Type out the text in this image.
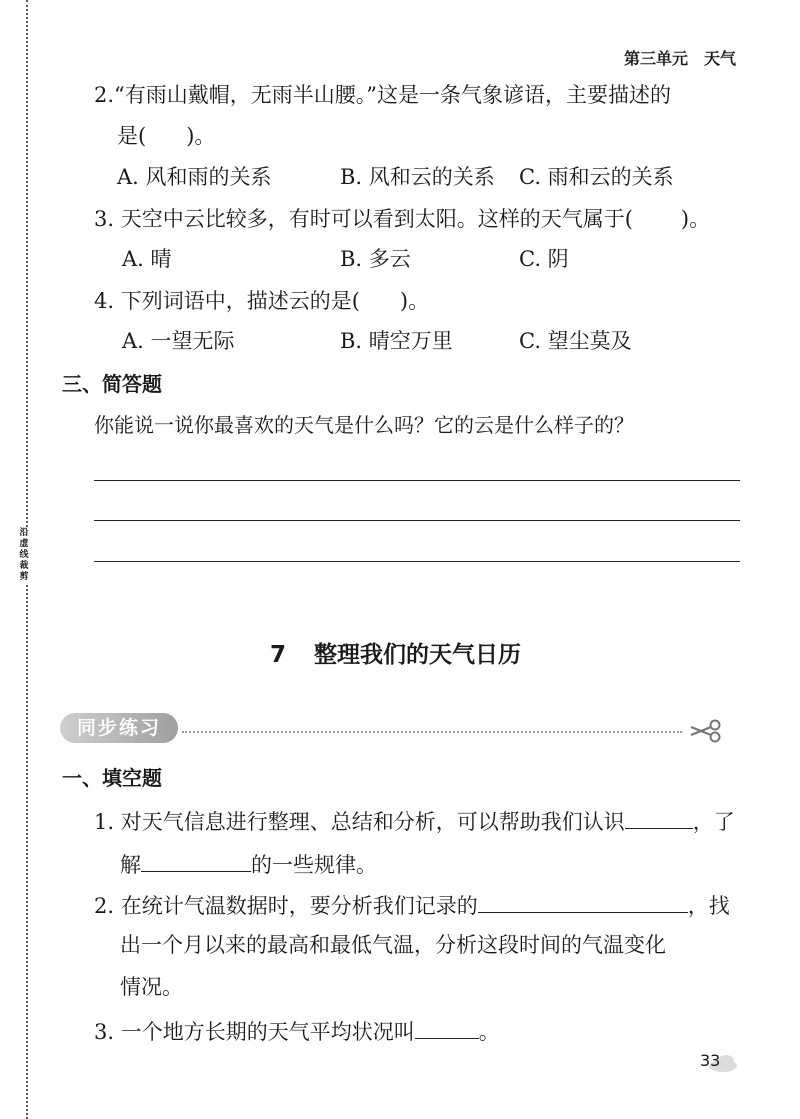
沿虚线裁剪
第三单元　天气
2.“有雨山戴帽，无雨半山腰。”这是一条气象谚语，主要描述的
是( )。
A. 风和雨的关系	B. 风和云的关系 C. 雨和云的关系
3. 天空中云比较多，有时可以看到太阳。这样的天气属于( )。
A. 晴	B. 多云	C. 阴
4. 下列词语中，描述云的是( )。
A. 一望无际	B. 晴空万里	C. 望尘莫及
三、简答题
你能说一说你最喜欢的天气是什么吗？它的云是什么样子的？
7 整理我们的天气日历
同步练习
一、填空题
1. 对天气信息进行整理、总结和分析，可以帮助我们认识	，了
解	的一些规律。
2. 在统计气温数据时，要分析我们记录的	，找
出一个月以来的最高和最低气温，分析这段时间的气温变化
情况。
3. 一个地方长期的天气平均状况叫	。
33
